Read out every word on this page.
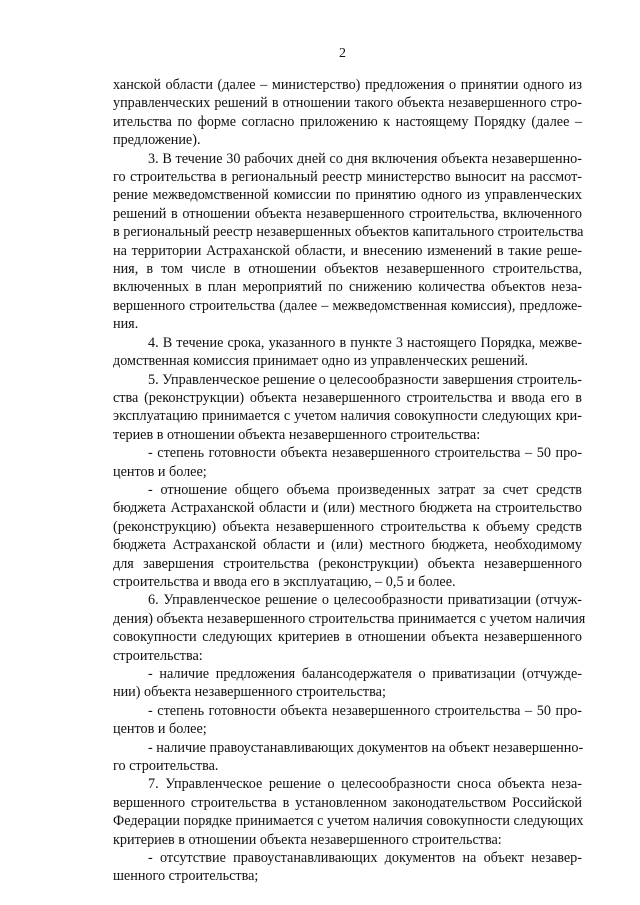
2
ханской области (далее – министерство) предложения о принятии одного из
управленческих решений в отношении такого объекта незавершенного стро-
ительства по форме согласно приложению к настоящему Порядку (далее –
предложение).
3. В течение 30 рабочих дней со дня включения объекта незавершенно-
го строительства в региональный реестр министерство выносит на рассмот-
рение межведомственной комиссии по принятию одного из управленческих
решений в отношении объекта незавершенного строительства, включенного
в региональный реестр незавершенных объектов капитального строительства
на территории Астраханской области, и внесению изменений в такие реше-
ния, в том числе в отношении объектов незавершенного строительства,
включенных в план мероприятий по снижению количества объектов неза-
вершенного строительства (далее – межведомственная комиссия), предложе-
ния.
4. В течение срока, указанного в пункте 3 настоящего Порядка, межве-
домственная комиссия принимает одно из управленческих решений.
5. Управленческое решение о целесообразности завершения строитель-
ства (реконструкции) объекта незавершенного строительства и ввода его в
эксплуатацию принимается с учетом наличия совокупности следующих кри-
териев в отношении объекта незавершенного строительства:
- степень готовности объекта незавершенного строительства – 50 про-
центов и более;
- отношение общего объема произведенных затрат за счет средств
бюджета Астраханской области и (или) местного бюджета на строительство
(реконструкцию) объекта незавершенного строительства к объему средств
бюджета Астраханской области и (или) местного бюджета, необходимому
для завершения строительства (реконструкции) объекта незавершенного
строительства и ввода его в эксплуатацию, – 0,5 и более.
6. Управленческое решение о целесообразности приватизации (отчуж-
дения) объекта незавершенного строительства принимается с учетом наличия
совокупности следующих критериев в отношении объекта незавершенного
строительства:
- наличие предложения балансодержателя о приватизации (отчужде-
нии) объекта незавершенного строительства;
- степень готовности объекта незавершенного строительства – 50 про-
центов и более;
- наличие правоустанавливающих документов на объект незавершенно-
го строительства.
7. Управленческое решение о целесообразности сноса объекта неза-
вершенного строительства в установленном законодательством Российской
Федерации порядке принимается с учетом наличия совокупности следующих
критериев в отношении объекта незавершенного строительства:
- отсутствие правоустанавливающих документов на объект незавер-
шенного строительства;
